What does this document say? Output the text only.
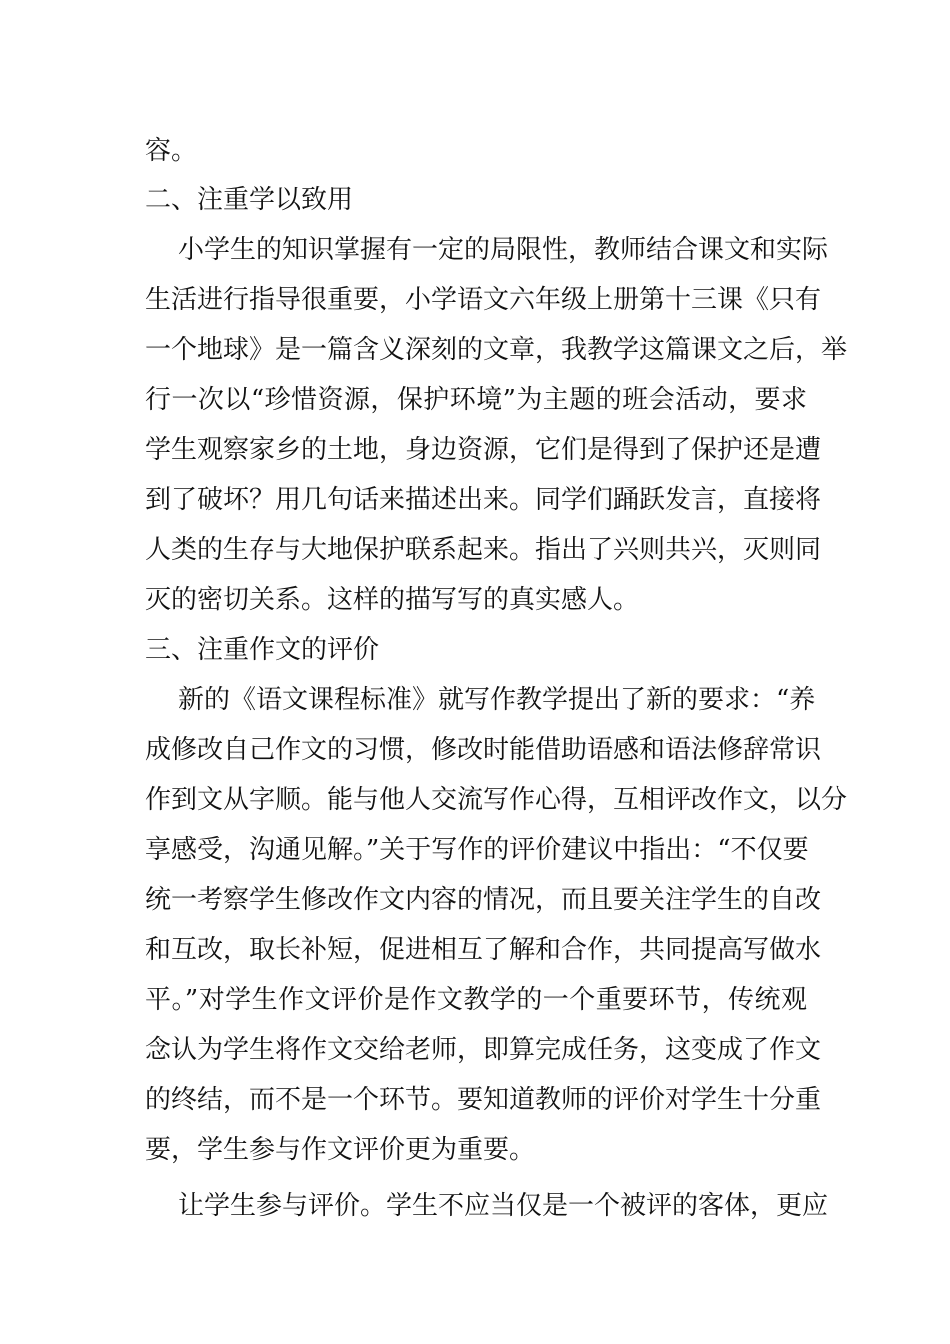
容。
二、注重学以致用
小学生的知识掌握有一定的局限性，教师结合课文和实际
生活进行指导很重要，小学语文六年级上册第十三课《只有
一个地球》是一篇含义深刻的文章，我教学这篇课文之后，举
行一次以“珍惜资源，保护环境”为主题的班会活动，要求
学生观察家乡的土地，身边资源，它们是得到了保护还是遭
到了破坏？用几句话来描述出来。同学们踊跃发言，直接将
人类的生存与大地保护联系起来。指出了兴则共兴，灭则同
灭的密切关系。这样的描写写的真实感人。
三、注重作文的评价
新的《语文课程标准》就写作教学提出了新的要求：“养
成修改自己作文的习惯，修改时能借助语感和语法修辞常识
作到文从字顺。能与他人交流写作心得，互相评改作文，以分
享感受，沟通见解。”关于写作的评价建议中指出：“不仅要
统一考察学生修改作文内容的情况，而且要关注学生的自改
和互改，取长补短，促进相互了解和合作，共同提高写做水
平。”对学生作文评价是作文教学的一个重要环节，传统观
念认为学生将作文交给老师，即算完成任务，这变成了作文
的终结，而不是一个环节。要知道教师的评价对学生十分重
要，学生参与作文评价更为重要。
让学生参与评价。学生不应当仅是一个被评的客体，更应
